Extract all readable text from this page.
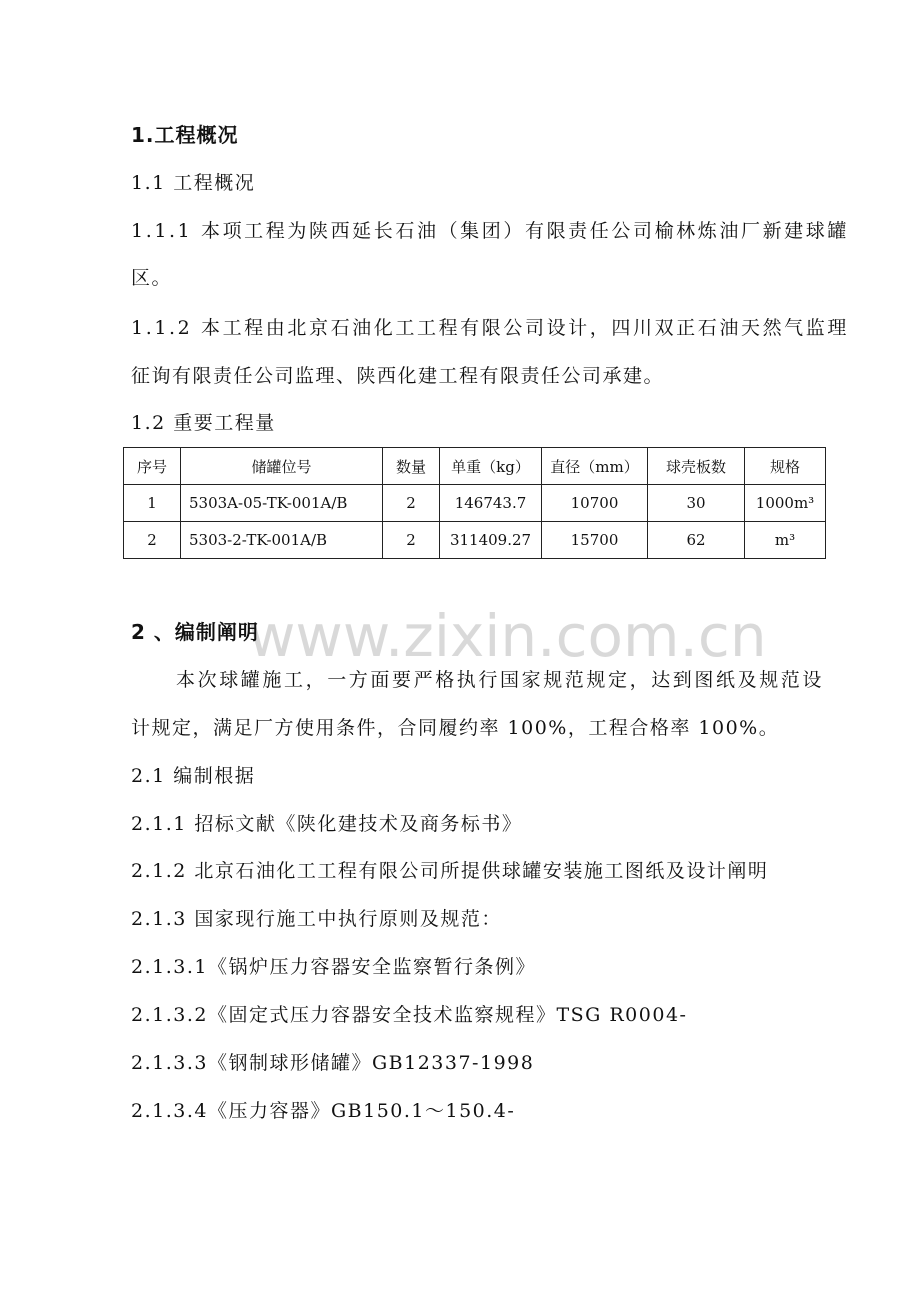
1.工程概况
1.1 工程概况
1.1.1 本项工程为陕西延长石油（集团）有限责任公司榆林炼油厂新建球罐
区。
1.1.2 本工程由北京石油化工工程有限公司设计，四川双正石油天然气监理
征询有限责任公司监理、陕西化建工程有限责任公司承建。
1.2 重要工程量
序号	储罐位号	数量	单重（kg）	直径（mm）	球壳板数	规格
1	5303A-05-TK-001A/B	2	146743.7	10700	30	1000m³
2	5303-2-TK-001A/B	2	311409.27	15700	62	m³
www.zixin.com.cn
2 、编制阐明
本次球罐施工，一方面要严格执行国家规范规定，达到图纸及规范设
计规定，满足厂方使用条件，合同履约率 100%，工程合格率 100%。
2.1 编制根据
2.1.1 招标文献《陕化建技术及商务标书》
2.1.2 北京石油化工工程有限公司所提供球罐安装施工图纸及设计阐明
2.1.3 国家现行施工中执行原则及规范：
2.1.3.1《锅炉压力容器安全监察暂行条例》
2.1.3.2《固定式压力容器安全技术监察规程》TSG R0004-
2.1.3.3《钢制球形储罐》GB12337-1998
2.1.3.4《压力容器》GB150.1～150.4-
